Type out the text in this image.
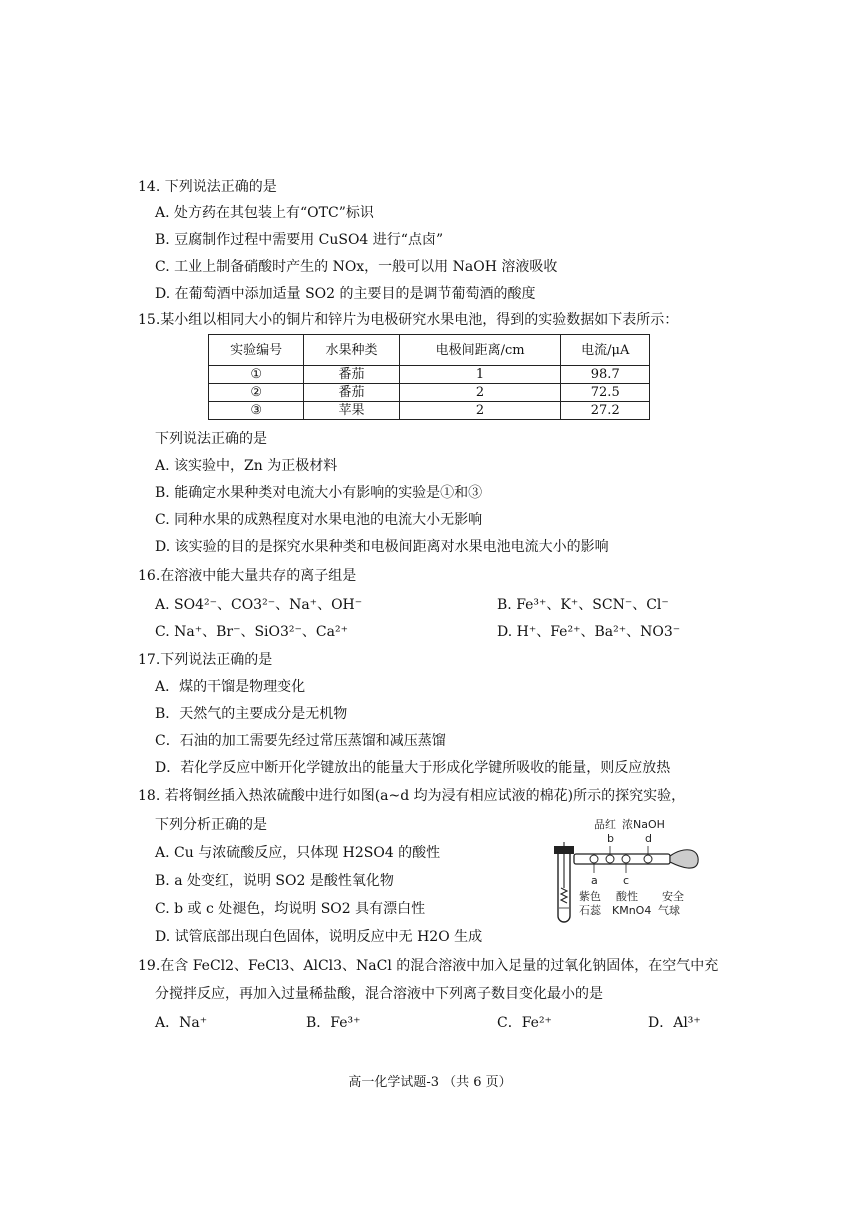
14. 下列说法正确的是
A. 处方药在其包装上有“OTC”标识
B. 豆腐制作过程中需要用 CuSO4 进行“点卤”
C. 工业上制备硝酸时产生的 NOx，一般可以用 NaOH 溶液吸收
D. 在葡萄酒中添加适量 SO2 的主要目的是调节葡萄酒的酸度
15.某小组以相同大小的铜片和锌片为电极研究水果电池，得到的实验数据如下表所示：
实验编号	水果种类	电极间距离/cm	电流/μA
①	番茄	1	98.7
②	番茄	2	72.5
③	苹果	2	27.2
下列说法正确的是
A. 该实验中，Zn 为正极材料
B. 能确定水果种类对电流大小有影响的实验是①和③
C. 同种水果的成熟程度对水果电池的电流大小无影响
D. 该实验的目的是探究水果种类和电极间距离对水果电池电流大小的影响
16.在溶液中能大量共存的离子组是
A. SO4²⁻、CO3²⁻、Na⁺、OH⁻	B. Fe³⁺、K⁺、SCN⁻、Cl⁻
C. Na⁺、Br⁻、SiO3²⁻、Ca²⁺	D. H⁺、Fe²⁺、Ba²⁺、NO3⁻
17.下列说法正确的是
A．煤的干馏是物理变化
B．天然气的主要成分是无机物
C．石油的加工需要先经过常压蒸馏和减压蒸馏
D．若化学反应中断开化学键放出的能量大于形成化学键所吸收的能量，则反应放热
18. 若将铜丝插入热浓硫酸中进行如图(a~d 均为浸有相应试液的棉花)所示的探究实验，
下列分析正确的是
A. Cu 与浓硫酸反应，只体现 H2SO4 的酸性
B. a 处变红，说明 SO2 是酸性氧化物
C. b 或 c 处褪色，均说明 SO2 具有漂白性
D. 试管底部出现白色固体，说明反应中无 H2O 生成
品红 浓NaOH
b	d
a c
紫色
石蕊
酸性
KMnO4
安全
气球
19.在含 FeCl2、FeCl3、AlCl3、NaCl 的混合溶液中加入足量的过氧化钠固体，在空气中充
分搅拌反应，再加入过量稀盐酸，混合溶液中下列离子数目变化最小的是
A．Na⁺	B．Fe³⁺	C．Fe²⁺	D．Al³⁺
高一化学试题-3 （共 6 页）
